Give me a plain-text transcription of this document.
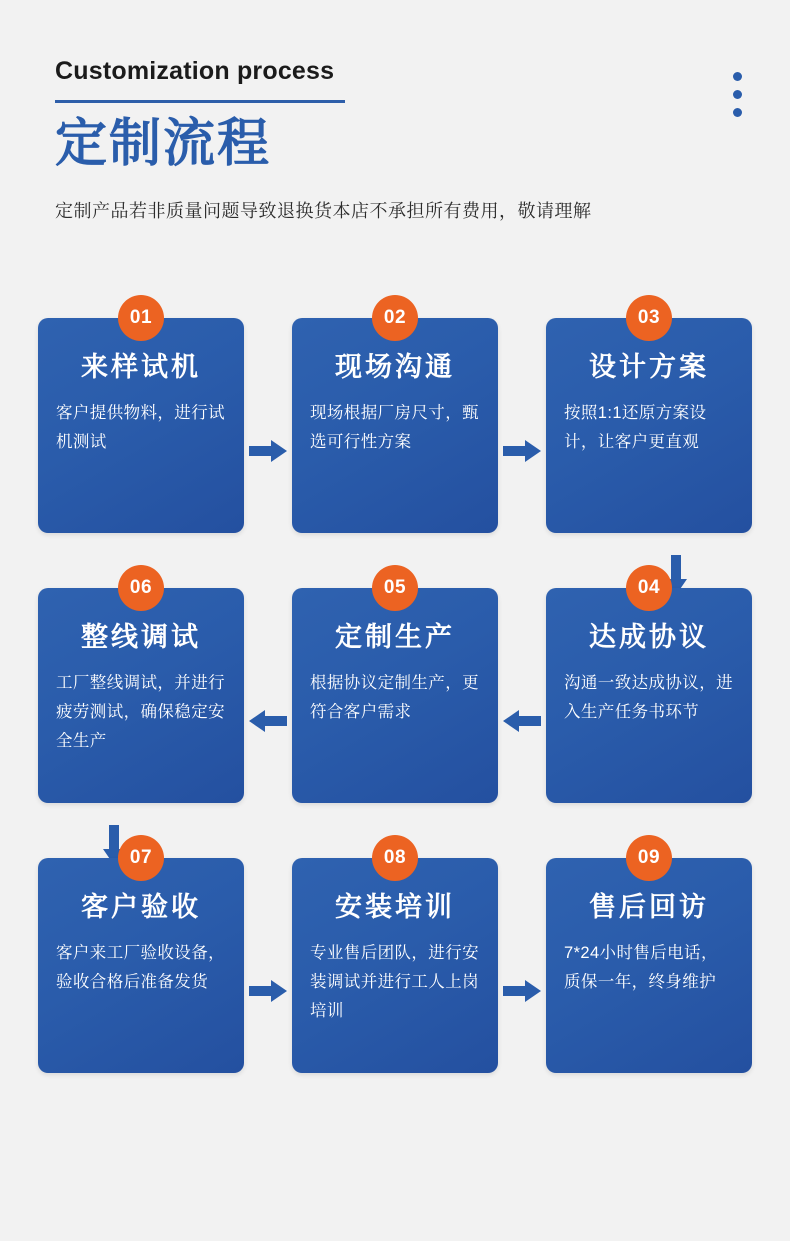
Customization process
定制流程
定制产品若非质量问题导致退换货本店不承担所有费用，敬请理解
01
来样试机
客户提供物料，进行试机测试
02
现场沟通
现场根据厂房尺寸，甄选可行性方案
03
设计方案
按照1:1还原方案设计，让客户更直观
04
达成协议
沟通一致达成协议，进入生产任务书环节
05
定制生产
根据协议定制生产，更符合客户需求
06
整线调试
工厂整线调试，并进行疲劳测试，确保稳定安全生产
07
客户验收
客户来工厂验收设备，验收合格后准备发货
08
安装培训
专业售后团队，进行安装调试并进行工人上岗培训
09
售后回访
7*24小时售后电话，质保一年，终身维护
